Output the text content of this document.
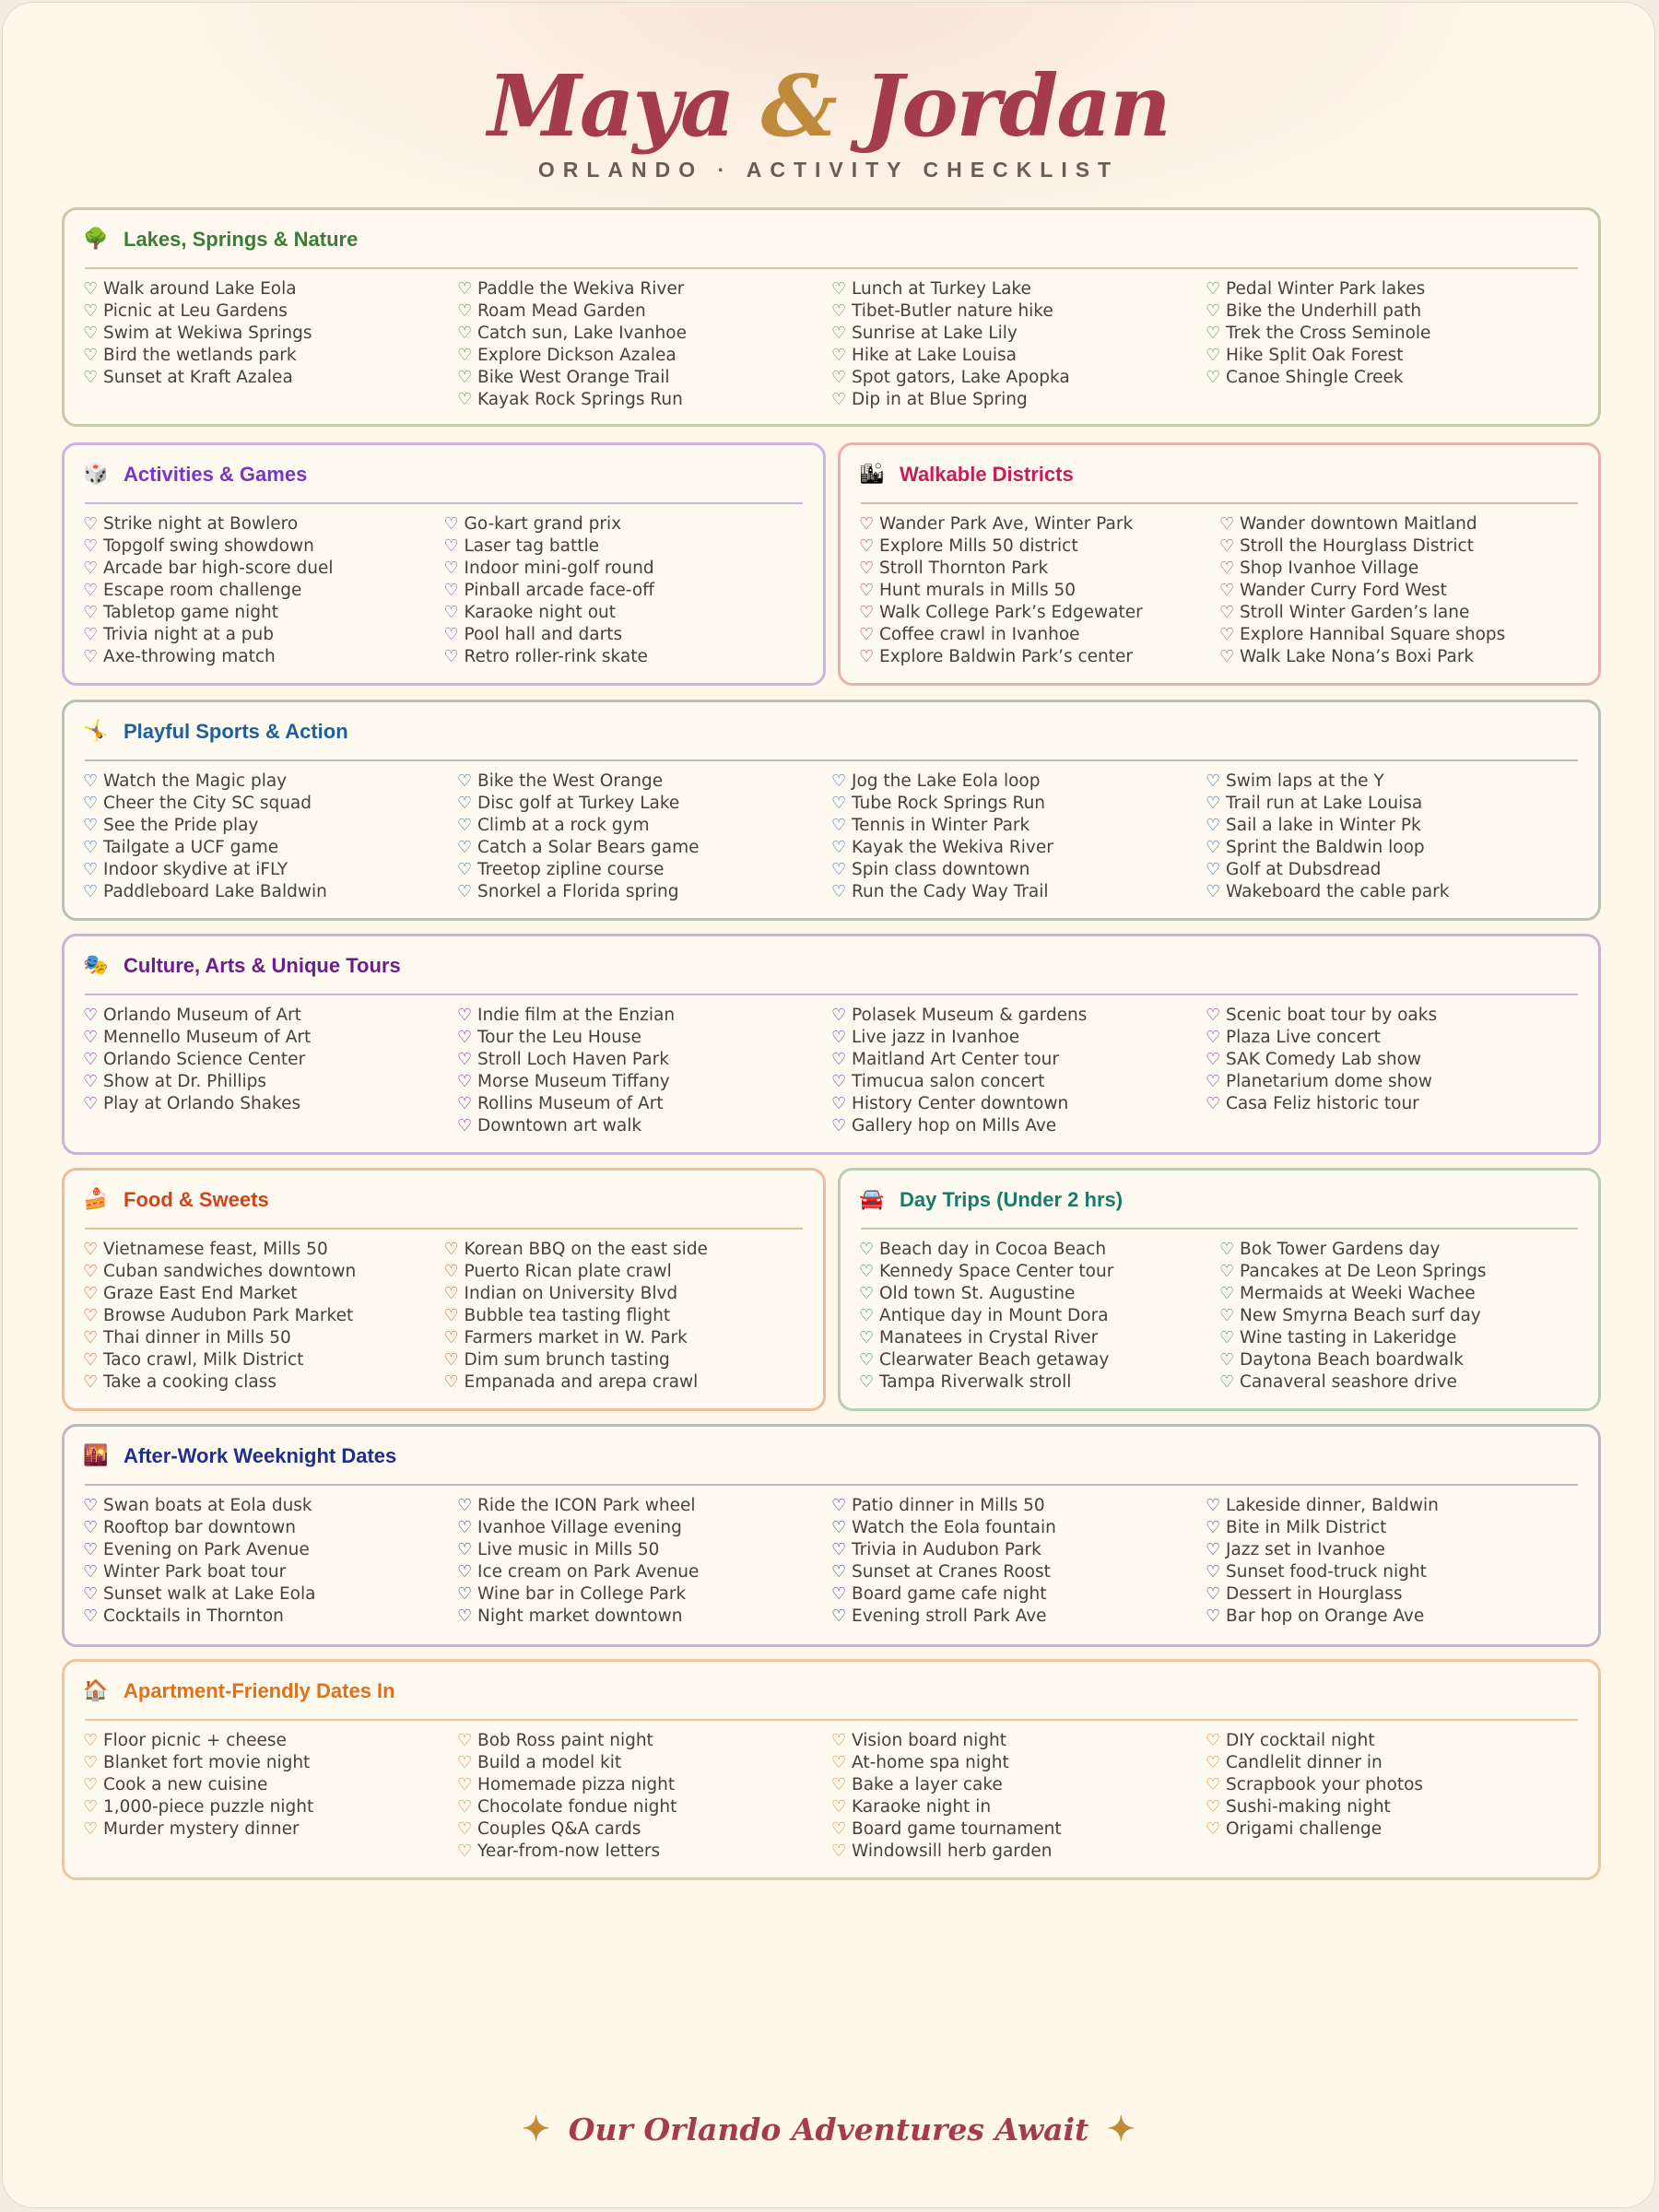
Maya & Jordan
ORLANDO · ACTIVITY CHECKLIST
🌳 Lakes, Springs & Nature
♡ Walk around Lake Eola
♡ Picnic at Leu Gardens
♡ Swim at Wekiwa Springs
♡ Bird the wetlands park
♡ Sunset at Kraft Azalea
♡ Paddle the Wekiva River
♡ Roam Mead Garden
♡ Catch sun, Lake Ivanhoe
♡ Explore Dickson Azalea
♡ Bike West Orange Trail
♡ Kayak Rock Springs Run
♡ Lunch at Turkey Lake
♡ Tibet-Butler nature hike
♡ Sunrise at Lake Lily
♡ Hike at Lake Louisa
♡ Spot gators, Lake Apopka
♡ Dip in at Blue Spring
♡ Pedal Winter Park lakes
♡ Bike the Underhill path
♡ Trek the Cross Seminole
♡ Hike Split Oak Forest
♡ Canoe Shingle Creek
🎲 Activities & Games
♡ Strike night at Bowlero
♡ Topgolf swing showdown
♡ Arcade bar high-score duel
♡ Escape room challenge
♡ Tabletop game night
♡ Trivia night at a pub
♡ Axe-throwing match
♡ Go-kart grand prix
♡ Laser tag battle
♡ Indoor mini-golf round
♡ Pinball arcade face-off
♡ Karaoke night out
♡ Pool hall and darts
♡ Retro roller-rink skate
🏙 Walkable Districts
♡ Wander Park Ave, Winter Park
♡ Explore Mills 50 district
♡ Stroll Thornton Park
♡ Hunt murals in Mills 50
♡ Walk College Park’s Edgewater
♡ Coffee crawl in Ivanhoe
♡ Explore Baldwin Park’s center
♡ Wander downtown Maitland
♡ Stroll the Hourglass District
♡ Shop Ivanhoe Village
♡ Wander Curry Ford West
♡ Stroll Winter Garden’s lane
♡ Explore Hannibal Square shops
♡ Walk Lake Nona’s Boxi Park
🤸 Playful Sports & Action
♡ Watch the Magic play
♡ Cheer the City SC squad
♡ See the Pride play
♡ Tailgate a UCF game
♡ Indoor skydive at iFLY
♡ Paddleboard Lake Baldwin
♡ Bike the West Orange
♡ Disc golf at Turkey Lake
♡ Climb at a rock gym
♡ Catch a Solar Bears game
♡ Treetop zipline course
♡ Snorkel a Florida spring
♡ Jog the Lake Eola loop
♡ Tube Rock Springs Run
♡ Tennis in Winter Park
♡ Kayak the Wekiva River
♡ Spin class downtown
♡ Run the Cady Way Trail
♡ Swim laps at the Y
♡ Trail run at Lake Louisa
♡ Sail a lake in Winter Pk
♡ Sprint the Baldwin loop
♡ Golf at Dubsdread
♡ Wakeboard the cable park
🎭 Culture, Arts & Unique Tours
♡ Orlando Museum of Art
♡ Mennello Museum of Art
♡ Orlando Science Center
♡ Show at Dr. Phillips
♡ Play at Orlando Shakes
♡ Indie film at the Enzian
♡ Tour the Leu House
♡ Stroll Loch Haven Park
♡ Morse Museum Tiffany
♡ Rollins Museum of Art
♡ Downtown art walk
♡ Polasek Museum & gardens
♡ Live jazz in Ivanhoe
♡ Maitland Art Center tour
♡ Timucua salon concert
♡ History Center downtown
♡ Gallery hop on Mills Ave
♡ Scenic boat tour by oaks
♡ Plaza Live concert
♡ SAK Comedy Lab show
♡ Planetarium dome show
♡ Casa Feliz historic tour
🍰 Food & Sweets
♡ Vietnamese feast, Mills 50
♡ Cuban sandwiches downtown
♡ Graze East End Market
♡ Browse Audubon Park Market
♡ Thai dinner in Mills 50
♡ Taco crawl, Milk District
♡ Take a cooking class
♡ Korean BBQ on the east side
♡ Puerto Rican plate crawl
♡ Indian on University Blvd
♡ Bubble tea tasting flight
♡ Farmers market in W. Park
♡ Dim sum brunch tasting
♡ Empanada and arepa crawl
🚘 Day Trips (Under 2 hrs)
♡ Beach day in Cocoa Beach
♡ Kennedy Space Center tour
♡ Old town St. Augustine
♡ Antique day in Mount Dora
♡ Manatees in Crystal River
♡ Clearwater Beach getaway
♡ Tampa Riverwalk stroll
♡ Bok Tower Gardens day
♡ Pancakes at De Leon Springs
♡ Mermaids at Weeki Wachee
♡ New Smyrna Beach surf day
♡ Wine tasting in Lakeridge
♡ Daytona Beach boardwalk
♡ Canaveral seashore drive
🌇 After-Work Weeknight Dates
♡ Swan boats at Eola dusk
♡ Rooftop bar downtown
♡ Evening on Park Avenue
♡ Winter Park boat tour
♡ Sunset walk at Lake Eola
♡ Cocktails in Thornton
♡ Ride the ICON Park wheel
♡ Ivanhoe Village evening
♡ Live music in Mills 50
♡ Ice cream on Park Avenue
♡ Wine bar in College Park
♡ Night market downtown
♡ Patio dinner in Mills 50
♡ Watch the Eola fountain
♡ Trivia in Audubon Park
♡ Sunset at Cranes Roost
♡ Board game cafe night
♡ Evening stroll Park Ave
♡ Lakeside dinner, Baldwin
♡ Bite in Milk District
♡ Jazz set in Ivanhoe
♡ Sunset food-truck night
♡ Dessert in Hourglass
♡ Bar hop on Orange Ave
🏠 Apartment-Friendly Dates In
♡ Floor picnic + cheese
♡ Blanket fort movie night
♡ Cook a new cuisine
♡ 1,000-piece puzzle night
♡ Murder mystery dinner
♡ Bob Ross paint night
♡ Build a model kit
♡ Homemade pizza night
♡ Chocolate fondue night
♡ Couples Q&A cards
♡ Year-from-now letters
♡ Vision board night
♡ At-home spa night
♡ Bake a layer cake
♡ Karaoke night in
♡ Board game tournament
♡ Windowsill herb garden
♡ DIY cocktail night
♡ Candlelit dinner in
♡ Scrapbook your photos
♡ Sushi-making night
♡ Origami challenge
✦ Our Orlando Adventures Await ✦
